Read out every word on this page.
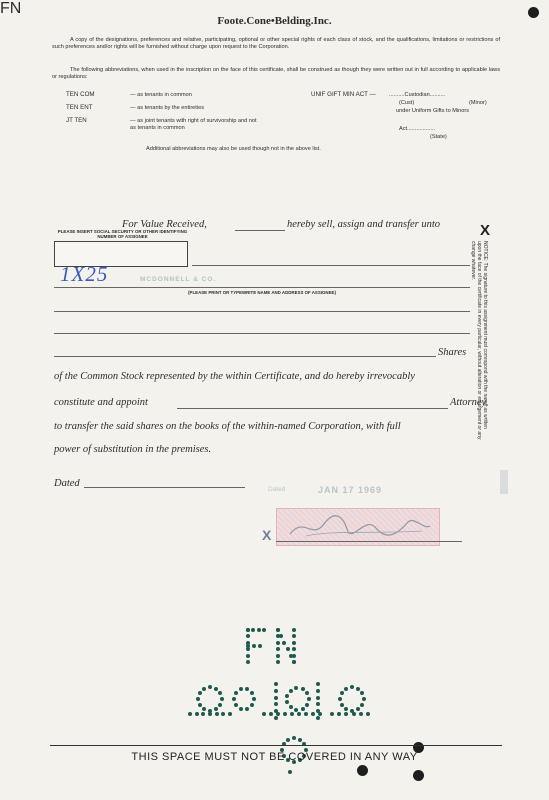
Foote.Cone•Belding.Inc.
A copy of the designations, preferences and relative, participating, optional or other special rights of each class of stock, and the qualifications, limitations or restrictions of such preferences and/or rights will be furnished without charge upon request to the Corporation.
The following abbreviations, when used in the inscription on the face of this certificate, shall be construed as though they were written out in full according to applicable laws or regulations:
TEN COM	— as tenants in common
TEN ENT	— as tenants by the entireties
JT TEN	— as joint tenants with right of survivorship and not as tenants in common
UNIF GIFT MIN ACT — ..........Custodian..........
(Cust)	(Minor)
under Uniform Gifts to Minors
Act..................
(State)
Additional abbreviations may also be used though not in the above list.
For Value Received,	hereby sell, assign and transfer unto
PLEASE INSERT SOCIAL SECURITY OR OTHER IDENTIFYING NUMBER OF ASSIGNEE
1X25	MCDONNELL & CO.
(PLEASE PRINT OR TYPEWRITE NAME AND ADDRESS OF ASSIGNEE)
Shares
of the Common Stock represented by the within Certificate, and do hereby irrevocably
constitute and appoint	Attorney,
to transfer the said shares on the books of the within-named Corporation, with full
power of substitution in the premises.
Dated
Dated	JAN 17 1969
X
X
NOTICE: The signature to this assignment must correspond with the name as written upon the face of the certificate in every particular, without alteration or enlargement or any change whatever.
FN
THIS SPACE MUST NOT BE COVERED IN ANY WAY
